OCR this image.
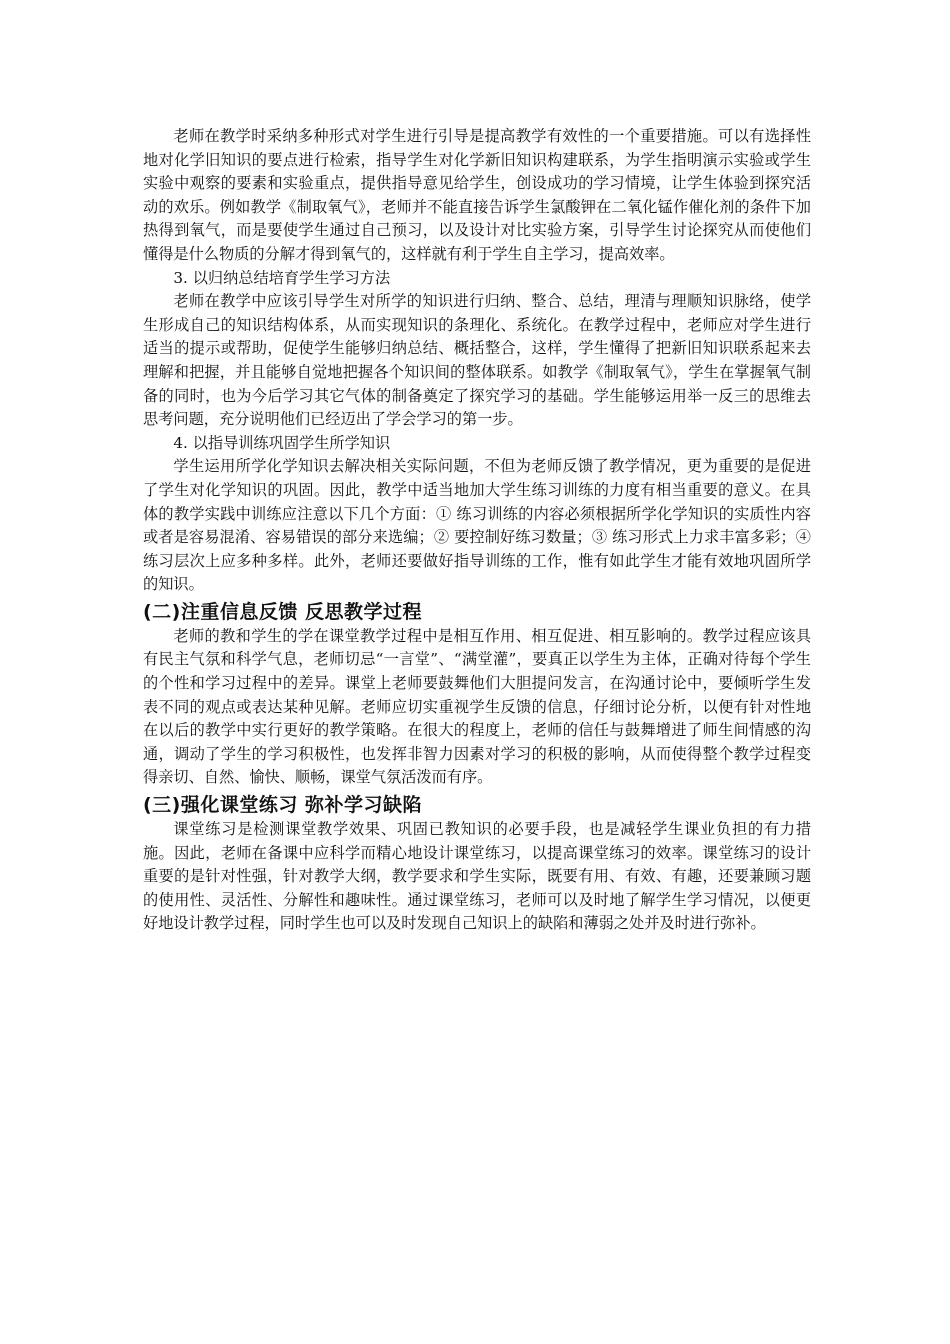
老师在教学时采纳多种形式对学生进行引导是提高教学有效性的一个重要措施。可以有选择性地对化学旧知识的要点进行检索，指导学生对化学新旧知识构建联系，为学生指明演示实验或学生实验中观察的要素和实验重点，提供指导意见给学生，创设成功的学习情境，让学生体验到探究活动的欢乐。例如教学《制取氧气》，老师并不能直接告诉学生氯酸钾在二氧化锰作催化剂的条件下加热得到氧气，而是要使学生通过自己预习，以及设计对比实验方案，引导学生讨论探究从而使他们懂得是什么物质的分解才得到氧气的，这样就有利于学生自主学习，提高效率。

3. 以归纳总结培育学生学习方法

老师在教学中应该引导学生对所学的知识进行归纳、整合、总结，理清与理顺知识脉络，使学生形成自己的知识结构体系，从而实现知识的条理化、系统化。在教学过程中，老师应对学生进行适当的提示或帮助，促使学生能够归纳总结、概括整合，这样，学生懂得了把新旧知识联系起来去理解和把握，并且能够自觉地把握各个知识间的整体联系。如教学《制取氧气》，学生在掌握氧气制备的同时，也为今后学习其它气体的制备奠定了探究学习的基础。学生能够运用举一反三的思维去思考问题，充分说明他们已经迈出了学会学习的第一步。

4. 以指导训练巩固学生所学知识

学生运用所学化学知识去解决相关实际问题，不但为老师反馈了教学情况，更为重要的是促进了学生对化学知识的巩固。因此，教学中适当地加大学生练习训练的力度有相当重要的意义。在具体的教学实践中训练应注意以下几个方面：① 练习训练的内容必须根据所学化学知识的实质性内容或者是容易混淆、容易错误的部分来选编；② 要控制好练习数量；③ 练习形式上力求丰富多彩；④ 练习层次上应多种多样。此外，老师还要做好指导训练的工作，惟有如此学生才能有效地巩固所学的知识。

(二)注重信息反馈 反思教学过程

老师的教和学生的学在课堂教学过程中是相互作用、相互促进、相互影响的。教学过程应该具有民主气氛和科学气息，老师切忌“一言堂”、“满堂灌”，要真正以学生为主体，正确对待每个学生的个性和学习过程中的差异。课堂上老师要鼓舞他们大胆提问发言，在沟通讨论中，要倾听学生发表不同的观点或表达某种见解。老师应切实重视学生反馈的信息，仔细讨论分析，以便有针对性地在以后的教学中实行更好的教学策略。在很大的程度上，老师的信任与鼓舞增进了师生间情感的沟通，调动了学生的学习积极性，也发挥非智力因素对学习的积极的影响，从而使得整个教学过程变得亲切、自然、愉快、顺畅，课堂气氛活泼而有序。

(三)强化课堂练习 弥补学习缺陷

课堂练习是检测课堂教学效果、巩固已教知识的必要手段，也是减轻学生课业负担的有力措施。因此，老师在备课中应科学而精心地设计课堂练习，以提高课堂练习的效率。课堂练习的设计重要的是针对性强，针对教学大纲，教学要求和学生实际，既要有用、有效、有趣，还要兼顾习题的使用性、灵活性、分解性和趣味性。通过课堂练习，老师可以及时地了解学生学习情况，以便更好地设计教学过程，同时学生也可以及时发现自己知识上的缺陷和薄弱之处并及时进行弥补。
